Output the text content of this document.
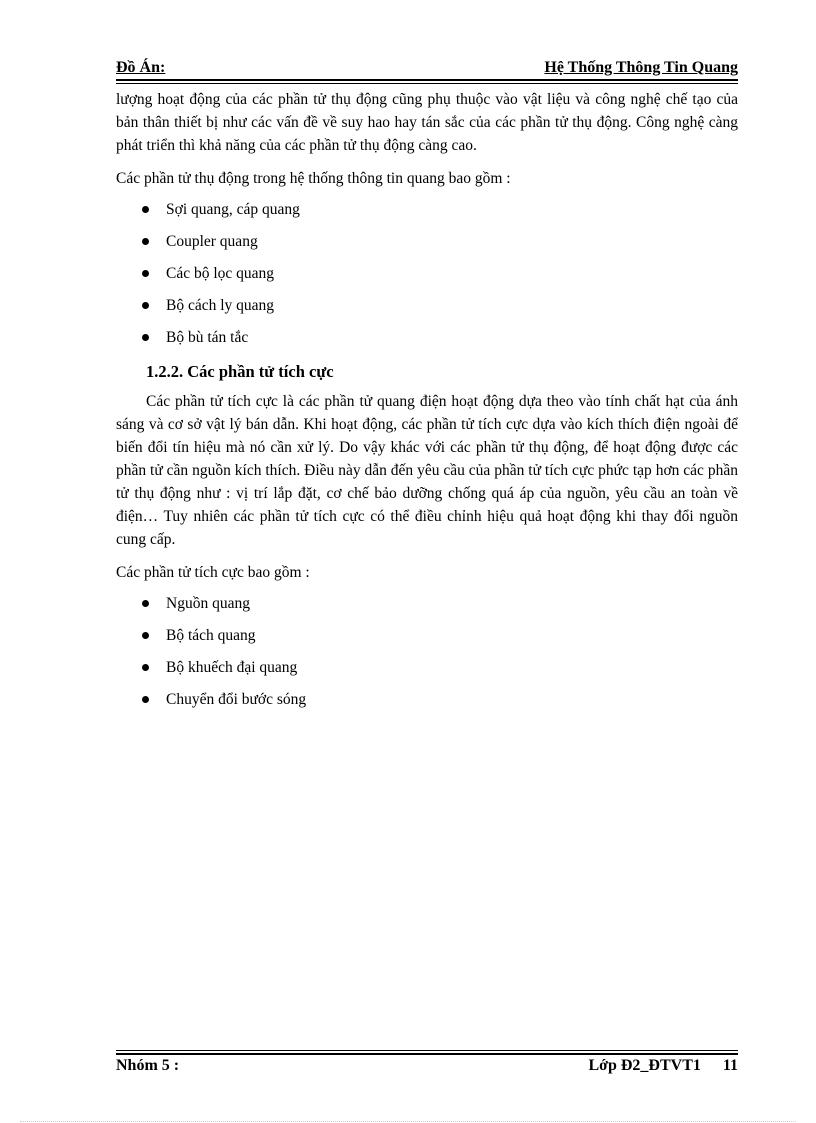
Đồ Án:	Hệ Thống Thông Tin Quang

lượng hoạt động của các phần tử thụ động cũng phụ thuộc vào vật liệu và công nghệ chế tạo của bản thân thiết bị như các vấn đề về suy hao hay tán sắc của các phần tử thụ động. Công nghệ càng phát triển thì khả năng của các phần tử thụ động càng cao.

Các phần tử thụ động trong hệ thống thông tin quang bao gồm :

Sợi quang, cáp quang
Coupler quang
Các bộ lọc quang
Bộ cách ly quang
Bộ bù tán tắc
1.2.2. Các phần tử tích cực

Các phần tử tích cực là các phần tử quang điện hoạt động dựa theo vào tính chất hạt của ánh sáng và cơ sở vật lý bán dẫn. Khi hoạt động, các phần tử tích cực dựa vào kích thích điện ngoài để biến đổi tín hiệu mà nó cần xử lý. Do vậy khác với các phần tử thụ động, để hoạt động được các phần tử cần nguồn kích thích. Điều này dẫn đến yêu cầu của phần tử tích cực phức tạp hơn các phần tử thụ động như : vị trí lắp đặt, cơ chế bảo dưỡng chống quá áp của nguồn, yêu cầu an toàn về điện… Tuy nhiên các phần tử tích cực có thể điều chỉnh hiệu quả hoạt động khi thay đổi nguồn cung cấp.

Các phần tử tích cực bao gồm :

Nguồn quang
Bộ tách quang
Bộ khuếch đại quang
Chuyển đổi bước sóng
Nhóm 5 :	Lớp Đ2_ĐTVT1 11
